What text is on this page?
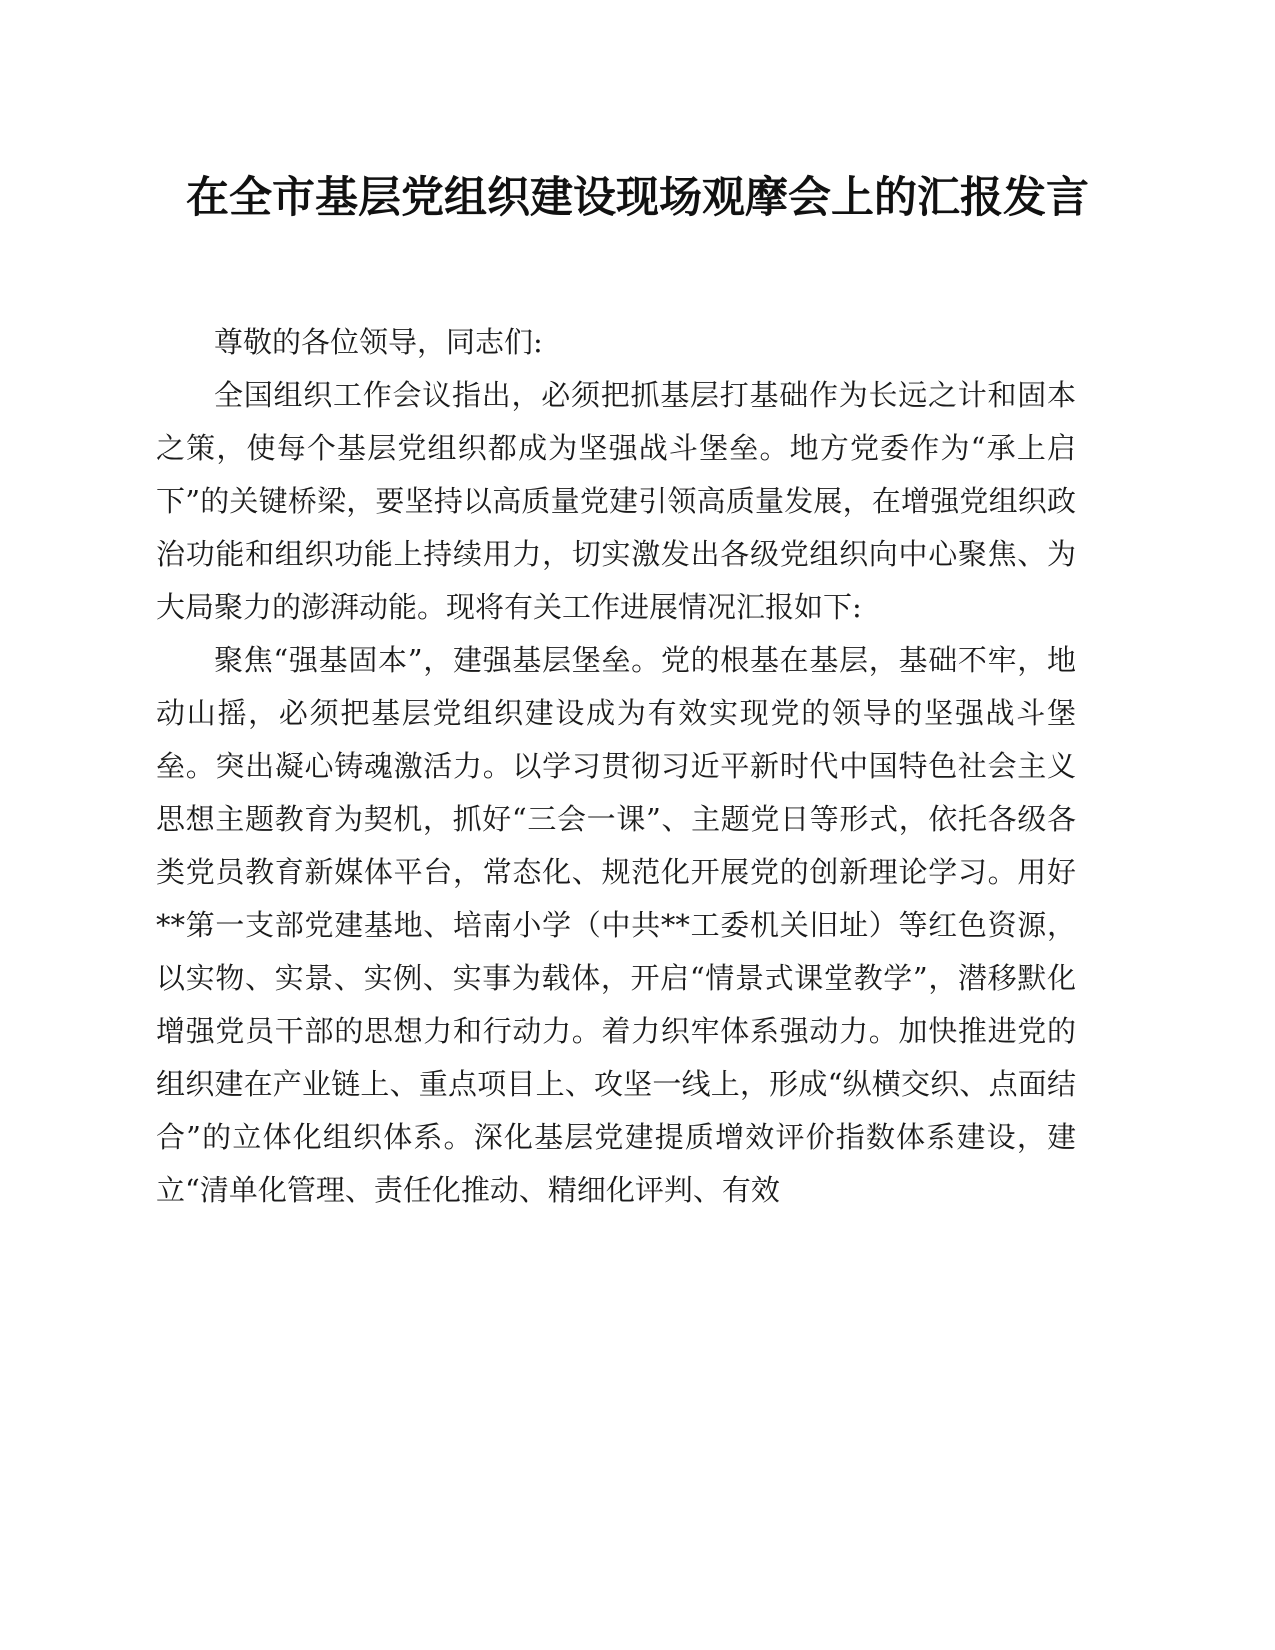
在全市基层党组织建设现场观摩会上的汇报发言

尊敬的各位领导，同志们:

全国组织工作会议指出，必须把抓基层打基础作为长远之计和固本之策，使每个基层党组织都成为坚强战斗堡垒。地方党委作为“承上启下”的关键桥梁，要坚持以高质量党建引领高质量发展，在增强党组织政治功能和组织功能上持续用力，切实激发出各级党组织向中心聚焦、为大局聚力的澎湃动能。现将有关工作进展情况汇报如下:

聚焦“强基固本”，建强基层堡垒。党的根基在基层，基础不牢，地动山摇，必须把基层党组织建设成为有效实现党的领导的坚强战斗堡垒。突出凝心铸魂激活力。以学习贯彻习近平新时代中国特色社会主义思想主题教育为契机，抓好“三会一课”、主题党日等形式，依托各级各类党员教育新媒体平台，常态化、规范化开展党的创新理论学习。用好**第一支部党建基地、培南小学（中共**工委机关旧址）等红色资源，以实物、实景、实例、实事为载体，开启“情景式课堂教学”，潜移默化增强党员干部的思想力和行动力。着力织牢体系强动力。加快推进党的组织建在产业链上、重点项目上、攻坚一线上，形成“纵横交织、点面结合”的立体化组织体系。深化基层党建提质增效评价指数体系建设，建立“清单化管理、责任化推动、精细化评判、有效
